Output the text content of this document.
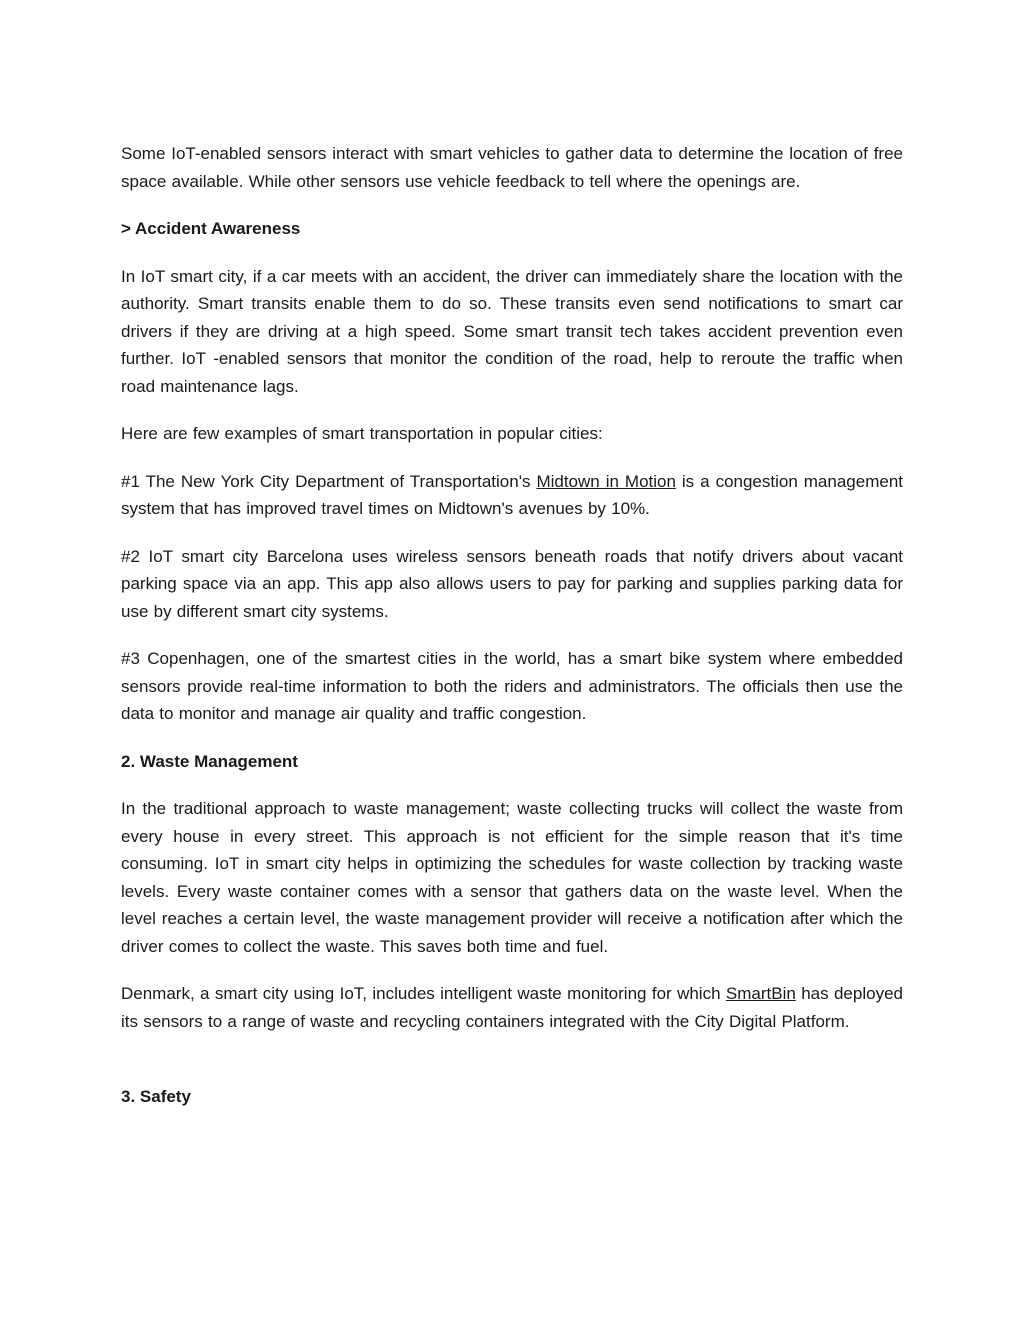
Some IoT-enabled sensors interact with smart vehicles to gather data to determine the location of free space available. While other sensors use vehicle feedback to tell where the openings are.

> Accident Awareness

In IoT smart city, if a car meets with an accident, the driver can immediately share the location with the authority. Smart transits enable them to do so. These transits even send notifications to smart car drivers if they are driving at a high speed. Some smart transit tech takes accident prevention even further. IoT -enabled sensors that monitor the condition of the road, help to reroute the traffic when road maintenance lags.

Here are few examples of smart transportation in popular cities:

#1 The New York City Department of Transportation's Midtown in Motion is a congestion management system that has improved travel times on Midtown's avenues by 10%.

#2 IoT smart city Barcelona uses wireless sensors beneath roads that notify drivers about vacant parking space via an app. This app also allows users to pay for parking and supplies parking data for use by different smart city systems.

#3 Copenhagen, one of the smartest cities in the world, has a smart bike system where embedded sensors provide real-time information to both the riders and administrators. The officials then use the data to monitor and manage air quality and traffic congestion.

2. Waste Management

In the traditional approach to waste management; waste collecting trucks will collect the waste from every house in every street. This approach is not efficient for the simple reason that it's time consuming. IoT in smart city helps in optimizing the schedules for waste collection by tracking waste levels. Every waste container comes with a sensor that gathers data on the waste level. When the level reaches a certain level, the waste management provider will receive a notification after which the driver comes to collect the waste. This saves both time and fuel.

Denmark, a smart city using IoT, includes intelligent waste monitoring for which SmartBin has deployed its sensors to a range of waste and recycling containers integrated with the City Digital Platform.

3. Safety
